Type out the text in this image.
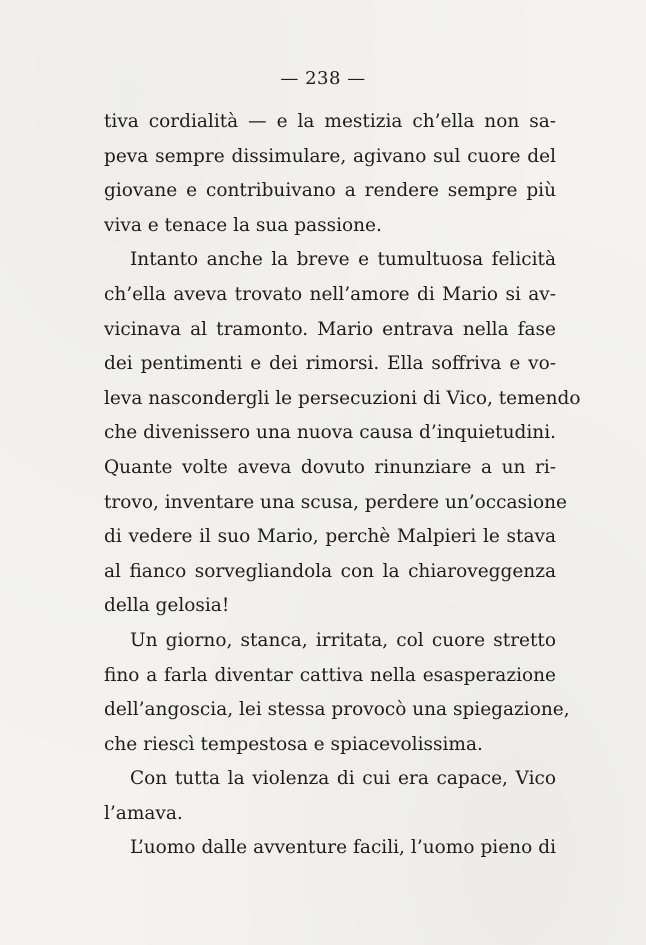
— 238 —
tiva cordialità — e la mestizia ch’ella non sa-
peva sempre dissimulare, agivano sul cuore del
giovane e contribuivano a rendere sempre più
viva e tenace la sua passione.
Intanto anche la breve e tumultuosa felicità
ch’ella aveva trovato nell’amore di Mario si av-
vicinava al tramonto. Mario entrava nella fase
dei pentimenti e dei rimorsi. Ella soffriva e vo-
leva nascondergli le persecuzioni di Vico, temendo
che divenissero una nuova causa d’inquietudini.
Quante volte aveva dovuto rinunziare a un ri-
trovo, inventare una scusa, perdere un’occasione
di vedere il suo Mario, perchè Malpieri le stava
al fianco sorvegliandola con la chiaroveggenza
della gelosia!
Un giorno, stanca, irritata, col cuore stretto
fino a farla diventar cattiva nella esasperazione
dell’angoscia, lei stessa provocò una spiegazione,
che riescì tempestosa e spiacevolissima.
Con tutta la violenza di cui era capace, Vico
l’amava.
L’uomo dalle avventure facili, l’uomo pieno di
